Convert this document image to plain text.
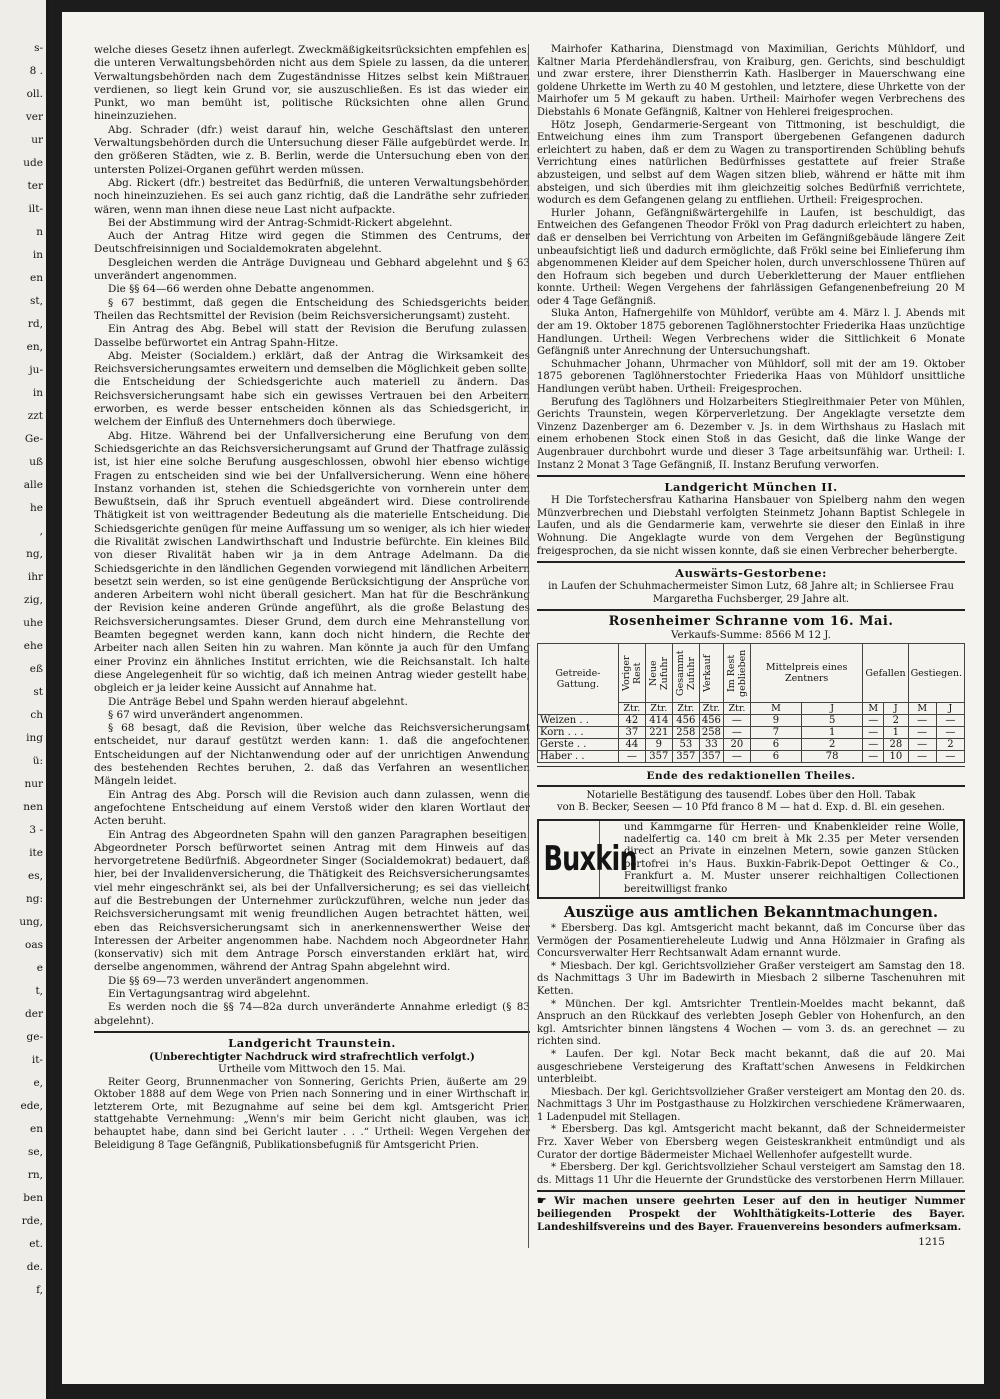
s-
8 .
oll.
ver
ur
ude
ter
ilt-
n
in
en
st,
rd,
en,
ju-
in
zzt
Ge-
uß
alle
he
,
ng,
ihr
zig,
uhe
ehe
eß
st
ch
ing
ü:
nur
nen
3 -
ite
es,
ng:
ung,
oas
e
t,
der
ge-
it-
e,
ede,
en
se,
rn,
ben
rde,
et.
de.
f,

welche dieses Gesetz ihnen auferlegt. Zweckmäßigkeitsrücksichten empfehlen es, die unteren Verwaltungsbehörden nicht aus dem Spiele zu lassen, da die unteren Verwaltungsbehörden nach dem Zugeständnisse Hitzes selbst kein Mißtrauen verdienen, so liegt kein Grund vor, sie auszuschließen. Es ist das wieder ein Punkt, wo man bemüht ist, politische Rücksichten ohne allen Grund hineinzuziehen.

Abg. Schrader (dfr.) weist darauf hin, welche Geschäftslast den unteren Verwaltungsbehörden durch die Untersuchung dieser Fälle aufgebürdet werde. In den größeren Städten, wie z. B. Berlin, werde die Untersuchung eben von den untersten Polizei-Organen geführt werden müssen.

Abg. Rickert (dfr.) bestreitet das Bedürfniß, die unteren Verwaltungsbehörden noch hineinzuziehen. Es sei auch ganz richtig, daß die Landräthe sehr zufrieden wären, wenn man ihnen diese neue Last nicht aufpackte.

Bei der Abstimmung wird der Antrag-Schmidt-Rickert abgelehnt.

Auch der Antrag Hitze wird gegen die Stimmen des Centrums, der Deutschfreisinnigen und Socialdemokraten abgelehnt.

Desgleichen werden die Anträge Duvigneau und Gebhard abgelehnt und § 63 unverändert angenommen.

Die §§ 64—66 werden ohne Debatte angenommen.

§ 67 bestimmt, daß gegen die Entscheidung des Schiedsgerichts beiden Theilen das Rechtsmittel der Revision (beim Reichsversicherungsamt) zusteht.

Ein Antrag des Abg. Bebel will statt der Revision die Berufung zulassen. Dasselbe befürwortet ein Antrag Spahn-Hitze.

Abg. Meister (Socialdem.) erklärt, daß der Antrag die Wirksamkeit des Reichsversicherungsamtes erweitern und demselben die Möglichkeit geben sollte, die Entscheidung der Schiedsgerichte auch materiell zu ändern. Das Reichsversicherungsamt habe sich ein gewisses Vertrauen bei den Arbeitern erworben, es werde besser entscheiden können als das Schiedsgericht, in welchem der Einfluß des Unternehmers doch überwiege.

Abg. Hitze. Während bei der Unfallversicherung eine Berufung von dem Schiedsgerichte an das Reichsversicherungsamt auf Grund der Thatfrage zulässig ist, ist hier eine solche Berufung ausgeschlossen, obwohl hier ebenso wichtige Fragen zu entscheiden sind wie bei der Unfallversicherung. Wenn eine höhere Instanz vorhanden ist, stehen die Schiedsgerichte von vornherein unter dem Bewußtsein, daß ihr Spruch eventuell abgeändert wird. Diese controlirende Thätigkeit ist von weittragender Bedeutung als die materielle Entscheidung. Die Schiedsgerichte genügen für meine Auffassung um so weniger, als ich hier wieder die Rivalität zwischen Landwirthschaft und Industrie befürchte. Ein kleines Bild von dieser Rivalität haben wir ja in dem Antrage Adelmann. Da die Schiedsgerichte in den ländlichen Gegenden vorwiegend mit ländlichen Arbeitern besetzt sein werden, so ist eine genügende Berücksichtigung der Ansprüche von anderen Arbeitern wohl nicht überall gesichert. Man hat für die Beschränkung der Revision keine anderen Gründe angeführt, als die große Belastung des Reichsversicherungsamtes. Dieser Grund, dem durch eine Mehranstellung von Beamten begegnet werden kann, kann doch nicht hindern, die Rechte der Arbeiter nach allen Seiten hin zu wahren. Man könnte ja auch für den Umfang einer Provinz ein ähnliches Institut errichten, wie die Reichsanstalt. Ich halte diese Angelegenheit für so wichtig, daß ich meinen Antrag wieder gestellt habe, obgleich er ja leider keine Aussicht auf Annahme hat.

Die Anträge Bebel und Spahn werden hierauf abgelehnt.

§ 67 wird unverändert angenommen.

§ 68 besagt, daß die Revision, über welche das Reichsversicherungsamt entscheidet, nur darauf gestützt werden kann: 1. daß die angefochtenen Entscheidungen auf der Nichtanwendung oder auf der unrichtigen Anwendung des bestehenden Rechtes beruhen, 2. daß das Verfahren an wesentlichen Mängeln leidet.

Ein Antrag des Abg. Porsch will die Revision auch dann zulassen, wenn die angefochtene Entscheidung auf einem Verstoß wider den klaren Wortlaut der Acten beruht.

Ein Antrag des Abgeordneten Spahn will den ganzen Paragraphen beseitigen. Abgeordneter Porsch befürwortet seinen Antrag mit dem Hinweis auf das hervorgetretene Bedürfniß. Abgeordneter Singer (Socialdemokrat) bedauert, daß hier, bei der Invalidenversicherung, die Thätigkeit des Reichsversicherungsamtes viel mehr eingeschränkt sei, als bei der Unfallversicherung; es sei das vielleicht auf die Bestrebungen der Unternehmer zurückzuführen, welche nun jeder das Reichsversicherungsamt mit wenig freundlichen Augen betrachtet hätten, weil eben das Reichsversicherungsamt sich in anerkennenswerther Weise der Interessen der Arbeiter angenommen habe. Nachdem noch Abgeordneter Hahn (konservativ) sich mit dem Antrage Porsch einverstanden erklärt hat, wird derselbe angenommen, während der Antrag Spahn abgelehnt wird.

Die §§ 69—73 werden unverändert angenommen.

Ein Vertagungsantrag wird abgelehnt.

Es werden noch die §§ 74—82a durch unveränderte Annahme erledigt (§ 83 abgelehnt).

Landgericht Traunstein.
(Unberechtigter Nachdruck wird strafrechtlich verfolgt.)
Urtheile vom Mittwoch den 15. Mai.

Reiter Georg, Brunnenmacher von Sonnering, Gerichts Prien, äußerte am 29. Oktober 1888 auf dem Wege von Prien nach Sonnering und in einer Wirthschaft in letzterem Orte, mit Bezugnahme auf seine bei dem kgl. Amtsgericht Prien stattgehabte Vernehmung: „Wenn's mir beim Gericht nicht glauben, was ich behauptet habe, dann sind bei Gericht lauter . . .“ Urtheil: Wegen Vergehen der Beleidigung 8 Tage Gefängniß, Publikationsbefugniß für Amtsgericht Prien.

Mairhofer Katharina, Dienstmagd von Maximilian, Gerichts Mühldorf, und Kaltner Maria Pferdehändlersfrau, von Kraiburg, gen. Gerichts, sind beschuldigt und zwar erstere, ihrer Dienstherrin Kath. Haslberger in Mauerschwang eine goldene Uhrkette im Werth zu 40 M gestohlen, und letztere, diese Uhrkette von der Mairhofer um 5 M gekauft zu haben. Urtheil: Mairhofer wegen Verbrechens des Diebstahls 6 Monate Gefängniß, Kaltner von Hehlerei freigesprochen.

Hötz Joseph, Gendarmerie-Sergeant von Tittmoning, ist beschuldigt, die Entweichung eines ihm zum Transport übergebenen Gefangenen dadurch erleichtert zu haben, daß er dem zu Wagen zu transportirenden Schübling behufs Verrichtung eines natürlichen Bedürfnisses gestattete auf freier Straße abzusteigen, und selbst auf dem Wagen sitzen blieb, während er hätte mit ihm absteigen, und sich überdies mit ihm gleichzeitig solches Bedürfniß verrichtete, wodurch es dem Gefangenen gelang zu entfliehen. Urtheil: Freigesprochen.

Hurler Johann, Gefängnißwärtergehilfe in Laufen, ist beschuldigt, das Entweichen des Gefangenen Theodor Frökl von Prag dadurch erleichtert zu haben, daß er denselben bei Verrichtung von Arbeiten im Gefängnißgebäude längere Zeit unbeaufsichtigt ließ und dadurch ermöglichte, daß Frökl seine bei Einlieferung ihm abgenommenen Kleider auf dem Speicher holen, durch unverschlossene Thüren auf den Hofraum sich begeben und durch Ueberkletterung der Mauer entfliehen konnte. Urtheil: Wegen Vergehens der fahrlässigen Gefangenenbefreiung 20 M oder 4 Tage Gefängniß.

Sluka Anton, Hafnergehilfe von Mühldorf, verübte am 4. März l. J. Abends mit der am 19. Oktober 1875 geborenen Taglöhnerstochter Friederika Haas unzüchtige Handlungen. Urtheil: Wegen Verbrechens wider die Sittlichkeit 6 Monate Gefängniß unter Anrechnung der Untersuchungshaft.

Schuhmacher Johann, Uhrmacher von Mühldorf, soll mit der am 19. Oktober 1875 geborenen Taglöhnerstochter Friederika Haas von Mühldorf unsittliche Handlungen verübt haben. Urtheil: Freigesprochen.

Berufung des Taglöhners und Holzarbeiters Stieglreithmaier Peter von Mühlen, Gerichts Traunstein, wegen Körperverletzung. Der Angeklagte versetzte dem Vinzenz Dazenberger am 6. Dezember v. Js. in dem Wirthshaus zu Haslach mit einem erhobenen Stock einen Stoß in das Gesicht, daß die linke Wange der Augenbrauer durchbohrt wurde und dieser 3 Tage arbeitsunfähig war. Urtheil: I. Instanz 2 Monat 3 Tage Gefängniß, II. Instanz Berufung verworfen.

Landgericht München II.

H Die Torfstechersfrau Katharina Hansbauer von Spielberg nahm den wegen Münzverbrechen und Diebstahl verfolgten Steinmetz Johann Baptist Schlegele in Laufen, und als die Gendarmerie kam, verwehrte sie dieser den Einlaß in ihre Wohnung. Die Angeklagte wurde von dem Vergehen der Begünstigung freigesprochen, da sie nicht wissen konnte, daß sie einen Verbrecher beherbergte.

Auswärts-Gestorbene:

in Laufen der Schuhmachermeister Simon Lutz, 68 Jahre alt; in Schliersee Frau Margaretha Fuchsberger, 29 Jahre alt.

Rosenheimer Schranne vom 16. Mai.
Verkaufs-Summe: 8566 M 12 J.
Getreide-Gattung.	Voriger Rest	Neue Zufuhr	Gesammt Zufuhr	Verkauf	Im Rest geblieben	Mittelpreis eines Zentners		Gefallen		Gestiegen.	
	Ztr.	Ztr.	Ztr.	Ztr.	Ztr.	M	J	M	J	M	J
Weizen . .	42	414	456	456	—	9	5	—	2	—	—
Korn . . .	37	221	258	258	—	7	1	—	1	—	—
Gerste . .	44	9	53	33	20	6	2	—	28	—	2
Haber . .	—	357	357	357	—	6	78	—	10	—	—
Ende des redaktionellen Theiles.
Notarielle Bestätigung des tausendf. Lobes über den Holl. Tabak
von B. Becker, Seesen — 10 Pfd franco 8 M — hat d. Exp. d. Bl. ein gesehen.
Buxkin
und Kammgarne für Herren- und Knabenkleider reine Wolle, nadelfertig ca. 140 cm breit à Mk 2.35 per Meter versenden direct an Private in einzelnen Metern, sowie ganzen Stücken portofrei in's Haus. Buxkin-Fabrik-Depot Oettinger & Co., Frankfurt a. M. Muster unserer reichhaltigen Collectionen bereitwilligst franko
Auszüge aus amtlichen Bekanntmachungen.

* Ebersberg. Das kgl. Amtsgericht macht bekannt, daß im Concurse über das Vermögen der Posamentiereheleute Ludwig und Anna Hölzmaier in Grafing als Concursverwalter Herr Rechtsanwalt Adam ernannt wurde.

* Miesbach. Der kgl. Gerichtsvollzieher Graßer versteigert am Samstag den 18. ds Nachmittags 3 Uhr im Badewirth in Miesbach 2 silberne Taschenuhren mit Ketten.

* München. Der kgl. Amtsrichter Trentlein-Moeldes macht bekannt, daß Anspruch an den Rückkauf des verlebten Joseph Gebler von Hohenfurch, an den kgl. Amtsrichter binnen längstens 4 Wochen — vom 3. ds. an gerechnet — zu richten sind.

* Laufen. Der kgl. Notar Beck macht bekannt, daß die auf 20. Mai ausgeschriebene Versteigerung des Kraftatt'schen Anwesens in Feldkirchen unterbleibt.

Miesbach. Der kgl. Gerichtsvollzieher Graßer versteigert am Montag den 20. ds. Nachmittags 3 Uhr im Postgasthause zu Holzkirchen verschiedene Krämerwaaren, 1 Ladenpudel mit Stellagen.

* Ebersberg. Das kgl. Amtsgericht macht bekannt, daß der Schneidermeister Frz. Xaver Weber von Ebersberg wegen Geisteskrankheit entmündigt und als Curator der dortige Bädermeister Michael Wellenhofer aufgestellt wurde.

* Ebersberg. Der kgl. Gerichtsvollzieher Schaul versteigert am Samstag den 18. ds. Mittags 11 Uhr die Heuernte der Grundstücke des verstorbenen Herrn Millauer.

☛ Wir machen unsere geehrten Leser auf den in heutiger Nummer beiliegenden Prospekt der Wohlthätigkeits-Lotterie des Bayer. Landeshilfsvereins und des Bayer. Frauenvereins besonders aufmerksam.

1215
